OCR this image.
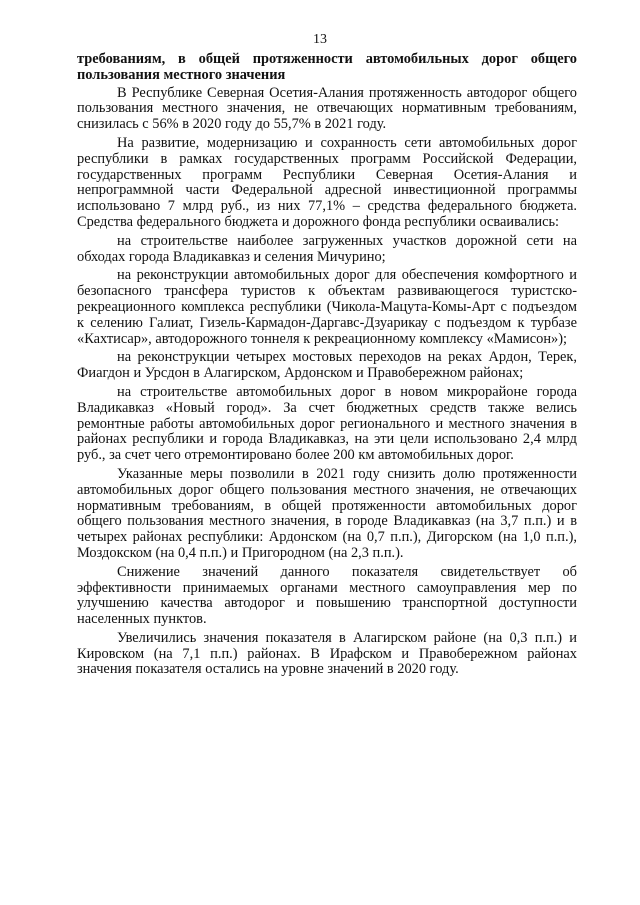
13
требованиям, в общей протяженности автомобильных дорог общего пользования местного значения

В Республике Северная Осетия-Алания протяженность автодорог общего пользования местного значения, не отвечающих нормативным требованиям, снизилась с 56% в 2020 году до 55,7% в 2021 году.

На развитие, модернизацию и сохранность сети автомобильных дорог республики в рамках государственных программ Российской Федерации, государственных программ Республики Северная Осетия-Алания и непрограммной части Федеральной адресной инвестиционной программы использовано 7 млрд руб., из них 77,1% – средства федерального бюджета. Средства федерального бюджета и дорожного фонда республики осваивались:

на строительстве наиболее загруженных участков дорожной сети на обходах города Владикавказ и селения Мичурино;

на реконструкции автомобильных дорог для обеспечения комфортного и безопасного трансфера туристов к объектам развивающегося туристско-рекреационного комплекса республики (Чикола-Мацута-Комы-Арт с подъездом к селению Галиат, Гизель-Кармадон-Даргавс-Дзуарикау с подъездом к турбазе «Кахтисар», автодорожного тоннеля к рекреационному комплексу «Мамисон»);

на реконструкции четырех мостовых переходов на реках Ардон, Терек, Фиагдон и Урсдон в Алагирском, Ардонском и Правобережном районах;

на строительстве автомобильных дорог в новом микрорайоне города Владикавказ «Новый город». За счет бюджетных средств также велись ремонтные работы автомобильных дорог регионального и местного значения в районах республики и города Владикавказ, на эти цели использовано 2,4 млрд руб., за счет чего отремонтировано более 200 км автомобильных дорог.

Указанные меры позволили в 2021 году снизить долю протяженности автомобильных дорог общего пользования местного значения, не отвечающих нормативным требованиям, в общей протяженности автомобильных дорог общего пользования местного значения, в городе Владикавказ (на 3,7 п.п.) и в четырех районах республики: Ардонском (на 0,7 п.п.), Дигорском (на 1,0 п.п.), Моздокском (на 0,4 п.п.) и Пригородном (на 2,3 п.п.).

Снижение значений данного показателя свидетельствует об эффективности принимаемых органами местного самоуправления мер по улучшению качества автодорог и повышению транспортной доступности населенных пунктов.

Увеличились значения показателя в Алагирском районе (на 0,3 п.п.) и Кировском (на 7,1 п.п.) районах. В Ирафском и Правобережном районах значения показателя остались на уровне значений в 2020 году.
